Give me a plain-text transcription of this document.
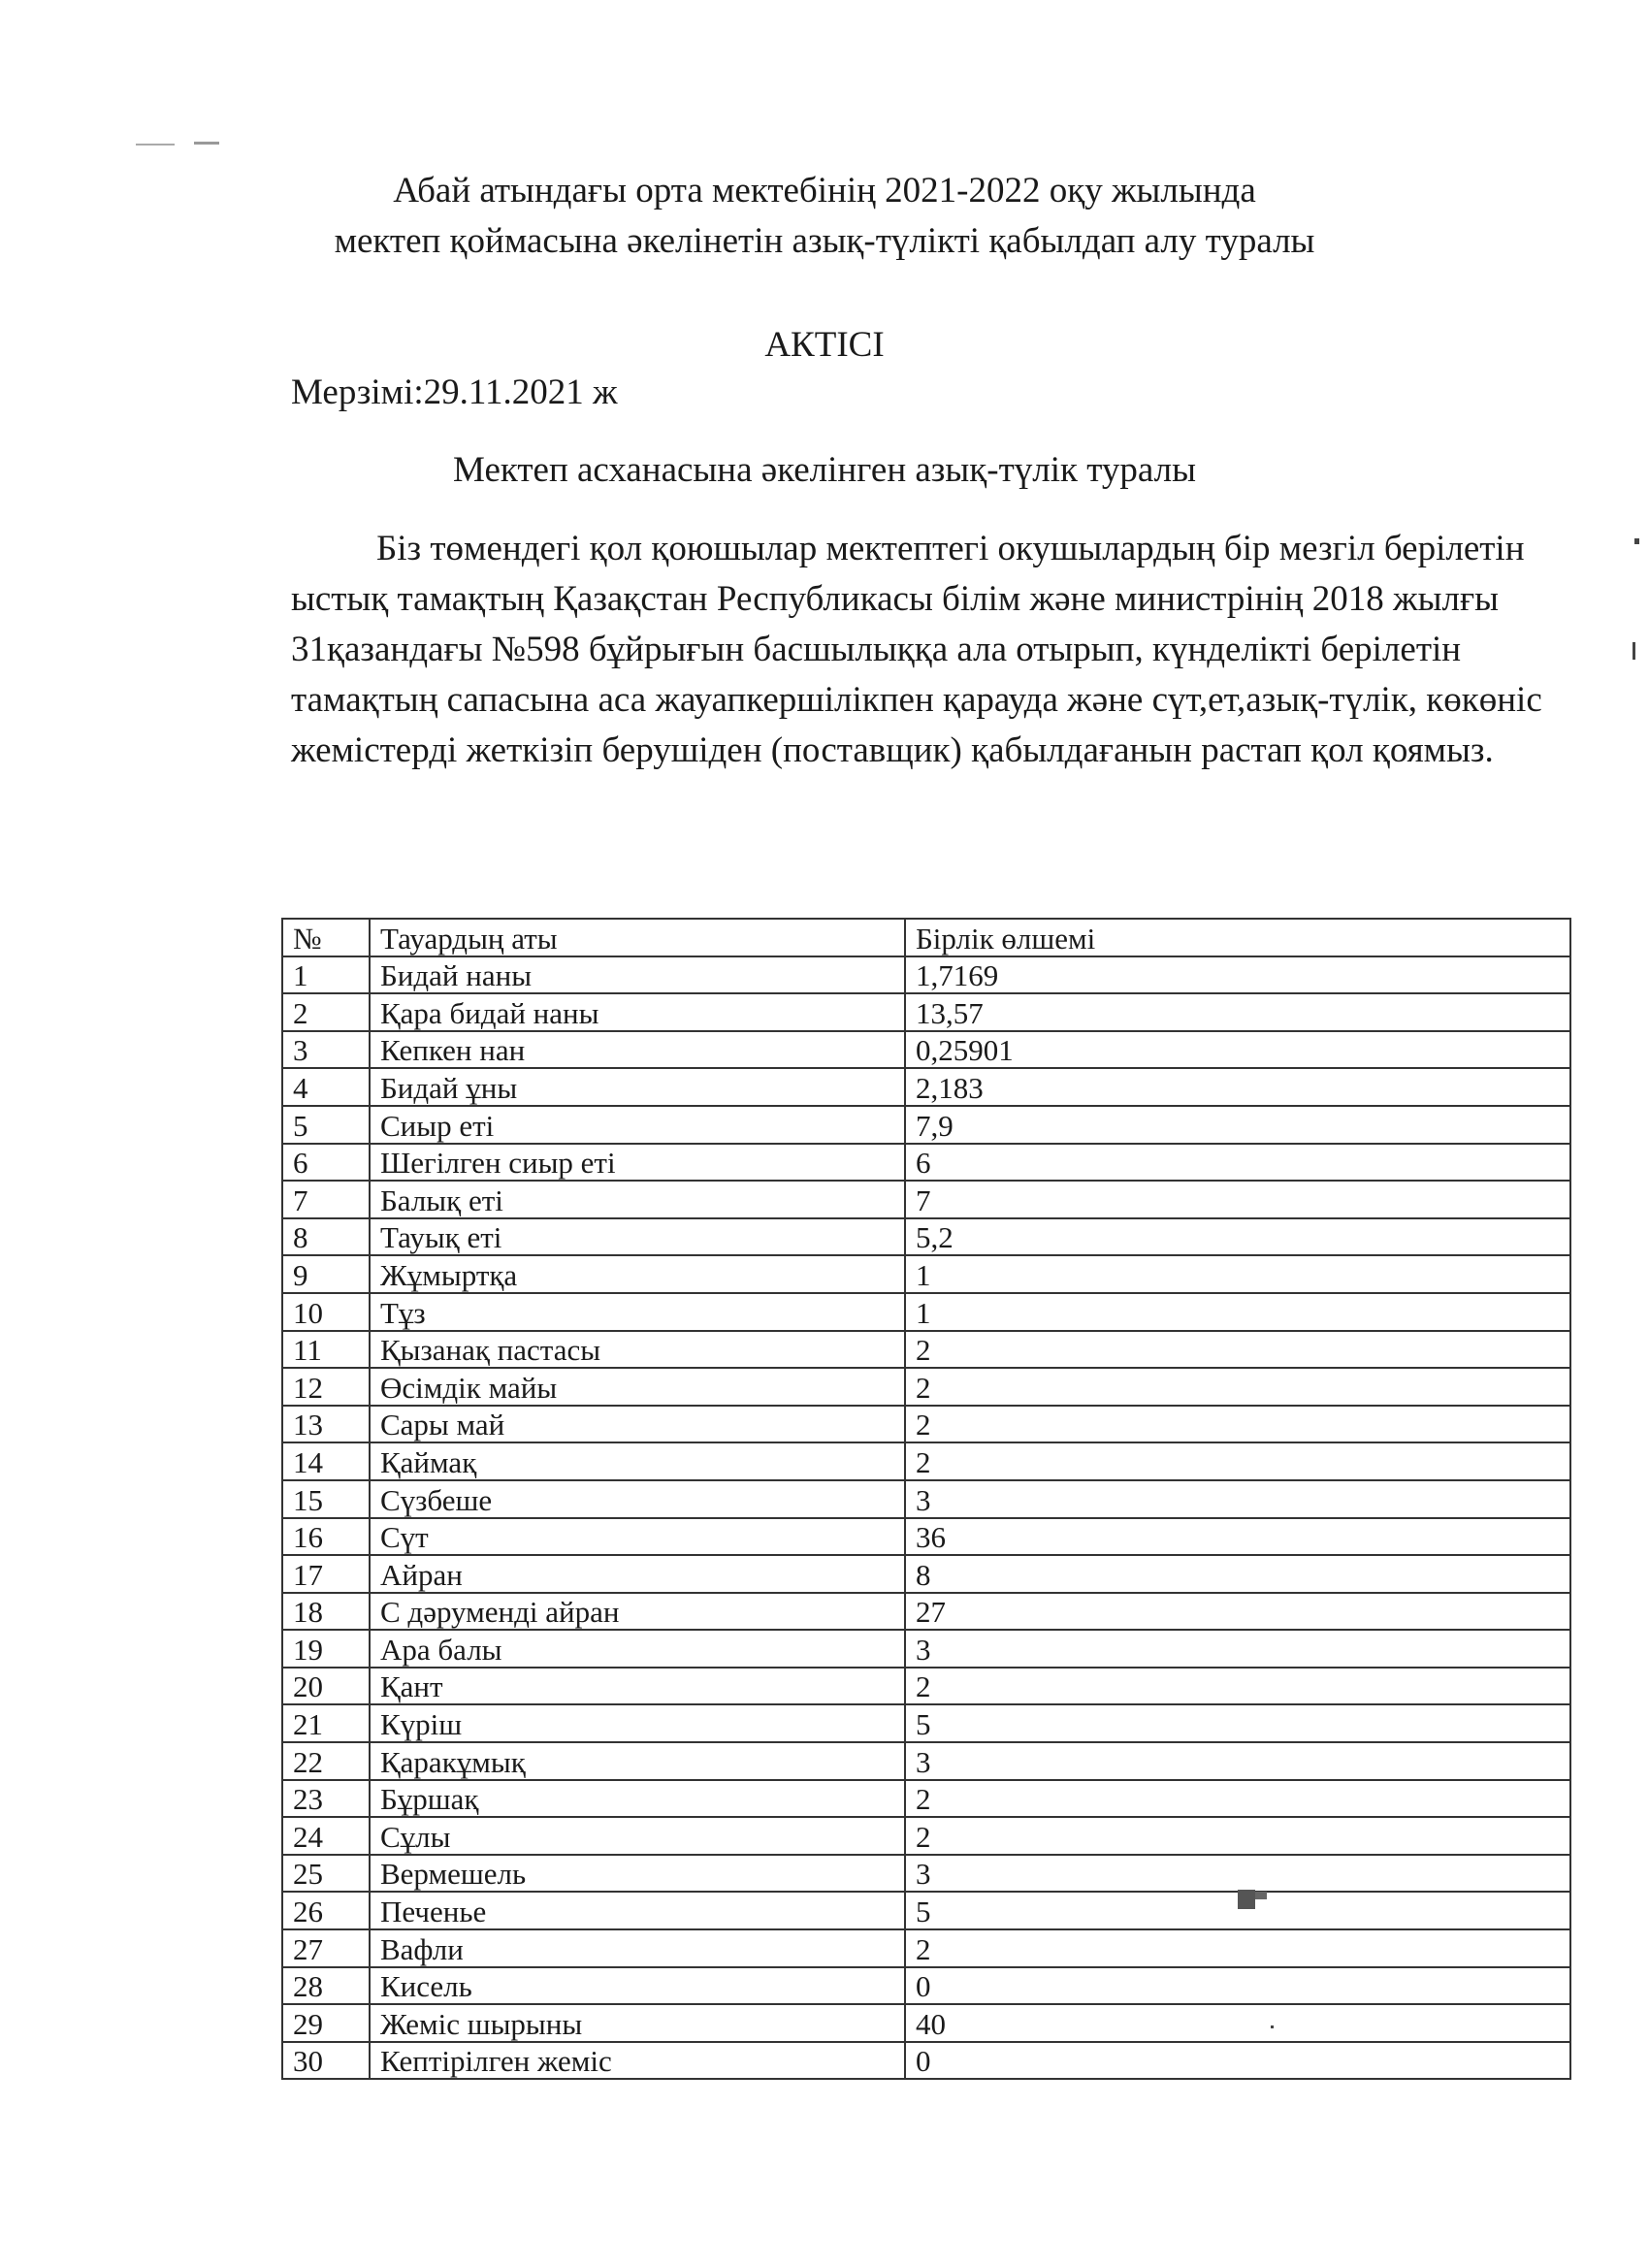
Абай атындағы орта мектебінің 2021-2022 оқу жылында
мектеп қоймасына әкелінетін азық-түлікті қабылдап алу туралы
АКТІСІ
Мерзімі:29.11.2021 ж
Мектеп асханасына әкелінген азық-түлік туралы
Біз төмендегі қол қоюшылар мектептегі окушылардың бір мезгіл берілетін ыстық тамақтың Қазақстан Республикасы білім және министрінің 2018 жылғы 31қазандағы №598 бұйрығын басшылыққа ала отырып, күнделікті берілетін тамақтың сапасына аса жауапкершілікпен қарауда және сүт,ет,азық-түлік, көкөніс жемістерді жеткізіп берушіден (поставщик) қабылдағанын растап қол қоямыз.
№	Тауардың аты	Бірлік өлшемі
1	Бидай наны	1,7169
2	Қара бидай наны	13,57
3	Кепкен нан	0,25901
4	Бидай ұны	2,183
5	Сиыр еті	7,9
6	Шегілген сиыр еті	6
7	Балық еті	7
8	Тауық еті	5,2
9	Жұмыртқа	1
10	Тұз	1
11	Қызанақ пастасы	2
12	Өсімдік майы	2
13	Сары май	2
14	Қаймақ	2
15	Сүзбеше	3
16	Сүт	36
17	Айран	8
18	С дәруменді айран	27
19	Ара балы	3
20	Қант	2
21	Күріш	5
22	Қаракұмық	3
23	Бұршақ	2
24	Сұлы	2
25	Вермешель	3
26	Печенье	5
27	Вафли	2
28	Кисель	0
29	Жеміс шырыны	40
30	Кептірілген жеміс	0
